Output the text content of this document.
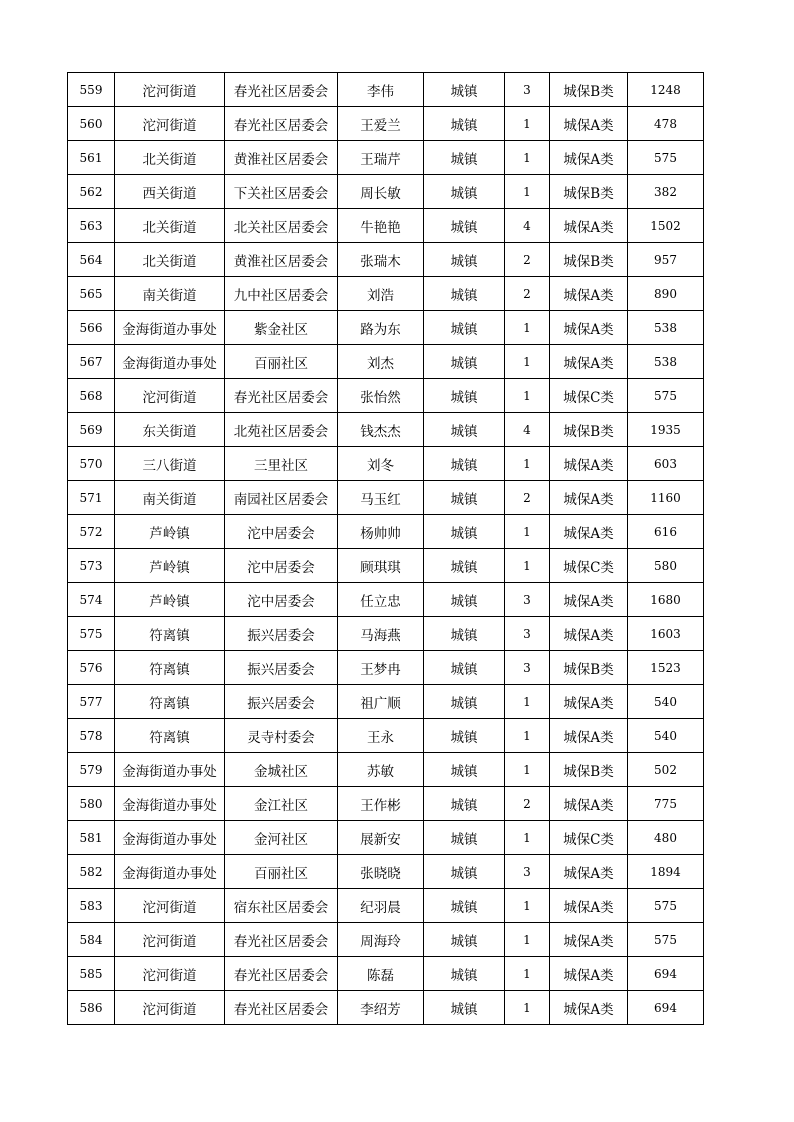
559	沱河街道	春光社区居委会	李伟	城镇	3	城保B类	1248
560	沱河街道	春光社区居委会	王爱兰	城镇	1	城保A类	478
561	北关街道	黄淮社区居委会	王瑞芹	城镇	1	城保A类	575
562	西关街道	下关社区居委会	周长敏	城镇	1	城保B类	382
563	北关街道	北关社区居委会	牛艳艳	城镇	4	城保A类	1502
564	北关街道	黄淮社区居委会	张瑞木	城镇	2	城保B类	957
565	南关街道	九中社区居委会	刘浩	城镇	2	城保A类	890
566	金海街道办事处	紫金社区	路为东	城镇	1	城保A类	538
567	金海街道办事处	百丽社区	刘杰	城镇	1	城保A类	538
568	沱河街道	春光社区居委会	张怡然	城镇	1	城保C类	575
569	东关街道	北苑社区居委会	钱杰杰	城镇	4	城保B类	1935
570	三八街道	三里社区	刘冬	城镇	1	城保A类	603
571	南关街道	南园社区居委会	马玉红	城镇	2	城保A类	1160
572	芦岭镇	沱中居委会	杨帅帅	城镇	1	城保A类	616
573	芦岭镇	沱中居委会	顾琪琪	城镇	1	城保C类	580
574	芦岭镇	沱中居委会	任立忠	城镇	3	城保A类	1680
575	符离镇	振兴居委会	马海燕	城镇	3	城保A类	1603
576	符离镇	振兴居委会	王梦冉	城镇	3	城保B类	1523
577	符离镇	振兴居委会	祖广顺	城镇	1	城保A类	540
578	符离镇	灵寺村委会	王永	城镇	1	城保A类	540
579	金海街道办事处	金城社区	苏敏	城镇	1	城保B类	502
580	金海街道办事处	金江社区	王作彬	城镇	2	城保A类	775
581	金海街道办事处	金河社区	展新安	城镇	1	城保C类	480
582	金海街道办事处	百丽社区	张晓晓	城镇	3	城保A类	1894
583	沱河街道	宿东社区居委会	纪羽晨	城镇	1	城保A类	575
584	沱河街道	春光社区居委会	周海玲	城镇	1	城保A类	575
585	沱河街道	春光社区居委会	陈磊	城镇	1	城保A类	694
586	沱河街道	春光社区居委会	李绍芳	城镇	1	城保A类	694
